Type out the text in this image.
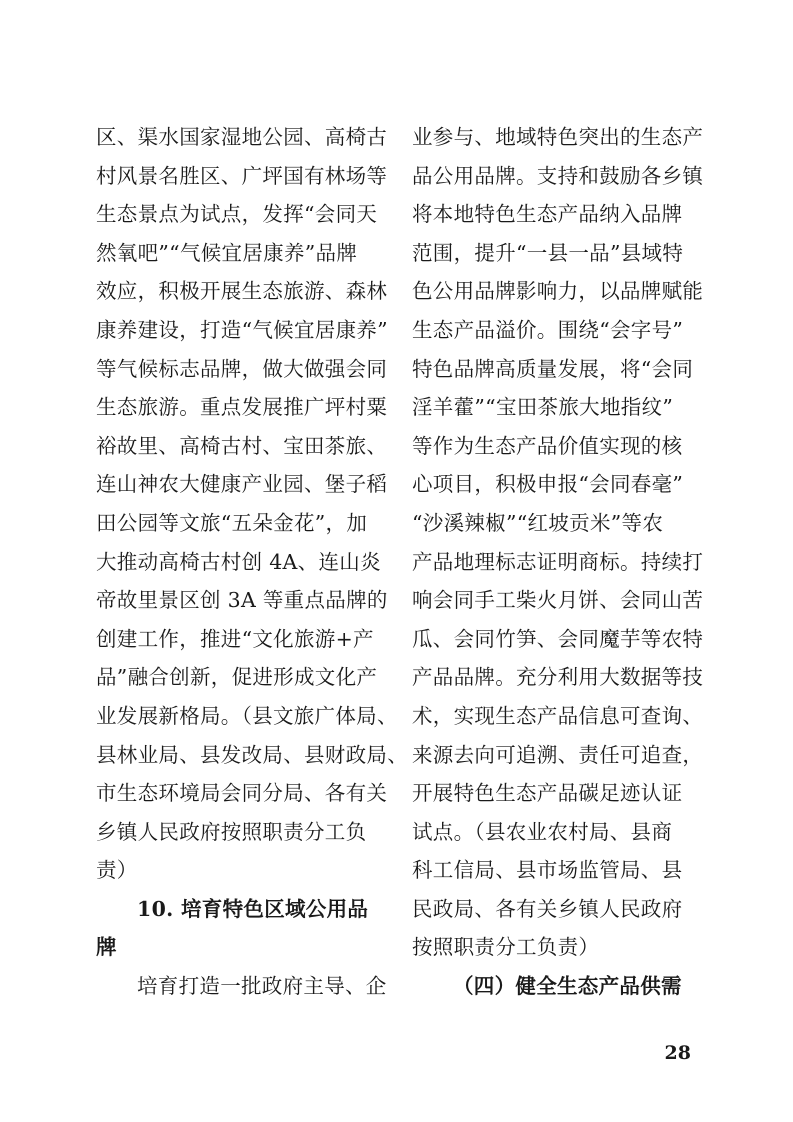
区、渠水国家湿地公园、高椅古
村风景名胜区、广坪国有林场等
生态景点为试点，发挥“会同天
然氧吧”“气候宜居康养”品牌
效应，积极开展生态旅游、森林
康养建设，打造“气候宜居康养”
等气候标志品牌，做大做强会同
生态旅游。重点发展推广坪村粟
裕故里、高椅古村、宝田茶旅、
连山神农大健康产业园、堡子稻
田公园等文旅“五朵金花”，加
大推动高椅古村创 4A、连山炎
帝故里景区创 3A 等重点品牌的
创建工作，推进“文化旅游+产
品”融合创新，促进形成文化产
业发展新格局。（县文旅广体局、
县林业局、县发改局、县财政局、
市生态环境局会同分局、各有关
乡镇人民政府按照职责分工负
责）
10. 培育特色区域公用品
牌
培育打造一批政府主导、企
业参与、地域特色突出的生态产
品公用品牌。支持和鼓励各乡镇
将本地特色生态产品纳入品牌
范围，提升“一县一品”县域特
色公用品牌影响力，以品牌赋能
生态产品溢价。围绕“会字号”
特色品牌高质量发展，将“会同
淫羊藿”“宝田茶旅大地指纹”
等作为生态产品价值实现的核
心项目，积极申报“会同春毫”
“沙溪辣椒”“红坡贡米”等农
产品地理标志证明商标。持续打
响会同手工柴火月饼、会同山苦
瓜、会同竹笋、会同魔芋等农特
产品品牌。充分利用大数据等技
术，实现生态产品信息可查询、
来源去向可追溯、责任可追查，
开展特色生态产品碳足迹认证
试点。（县农业农村局、县商
科工信局、县市场监管局、县
民政局、各有关乡镇人民政府
按照职责分工负责）
（四）健全生态产品供需
28
